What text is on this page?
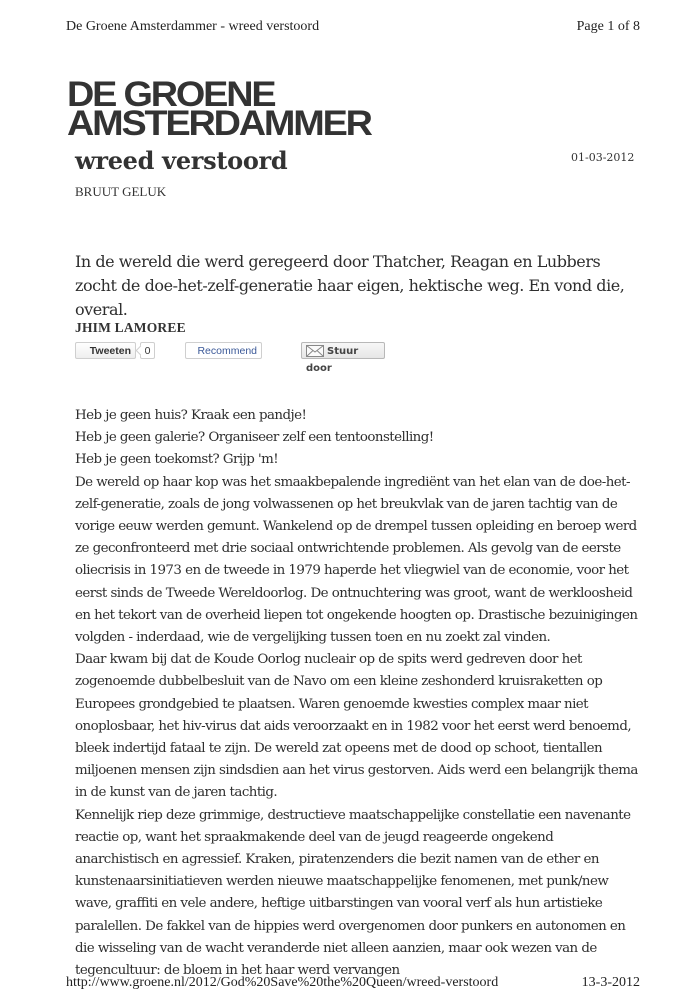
De Groene Amsterdammer - wreed verstoord	Page 1 of 8
DE GROENE
AMSTERDAMMER
wreed verstoord	01-03-2012
BRUUT GELUK
In de wereld die werd geregeerd door Thatcher, Reagan en Lubbers zocht de doe-het-zelf-generatie haar eigen, hektische weg. En vond die, overal.
JHIM LAMOREE
Tweeten	0	Recommend	Stuur door

Heb je geen huis? Kraak een pandje!

Heb je geen galerie? Organiseer zelf een tentoonstelling!

Heb je geen toekomst? Grijp 'm!

De wereld op haar kop was het smaakbepalende ingrediënt van het elan van de doe-het-zelf-generatie, zoals de jong volwassenen op het breukvlak van de jaren tachtig van de vorige eeuw werden gemunt. Wankelend op de drempel tussen opleiding en beroep werd ze geconfronteerd met drie sociaal ontwrichtende problemen. Als gevolg van de eerste oliecrisis in 1973 en de tweede in 1979 haperde het vliegwiel van de economie, voor het eerst sinds de Tweede Wereldoorlog. De ontnuchtering was groot, want de werkloosheid en het tekort van de overheid liepen tot ongekende hoogten op. Drastische bezuinigingen volgden - inderdaad, wie de vergelijking tussen toen en nu zoekt zal vinden.

Daar kwam bij dat de Koude Oorlog nucleair op de spits werd gedreven door het zogenoemde dubbelbesluit van de Navo om een kleine zeshonderd kruisraketten op Europees grondgebied te plaatsen. Waren genoemde kwesties complex maar niet onoplosbaar, het hiv-virus dat aids veroorzaakt en in 1982 voor het eerst werd benoemd, bleek indertijd fataal te zijn. De wereld zat opeens met de dood op schoot, tientallen miljoenen mensen zijn sindsdien aan het virus gestorven. Aids werd een belangrijk thema in de kunst van de jaren tachtig.

Kennelijk riep deze grimmige, destructieve maatschappelijke constellatie een navenante reactie op, want het spraakmakende deel van de jeugd reageerde ongekend anarchistisch en agressief. Kraken, piratenzenders die bezit namen van de ether en kunstenaarsinitiatieven werden nieuwe maatschappelijke fenomenen, met punk/new wave, graffiti en vele andere, heftige uitbarstingen van vooral verf als hun artistieke paralellen. De fakkel van de hippies werd overgenomen door punkers en autonomen en die wisseling van de wacht veranderde niet alleen aanzien, maar ook wezen van de tegencultuur: de bloem in het haar werd vervangen

http://www.groene.nl/2012/God%20Save%20the%20Queen/wreed-verstoord	13-3-2012
